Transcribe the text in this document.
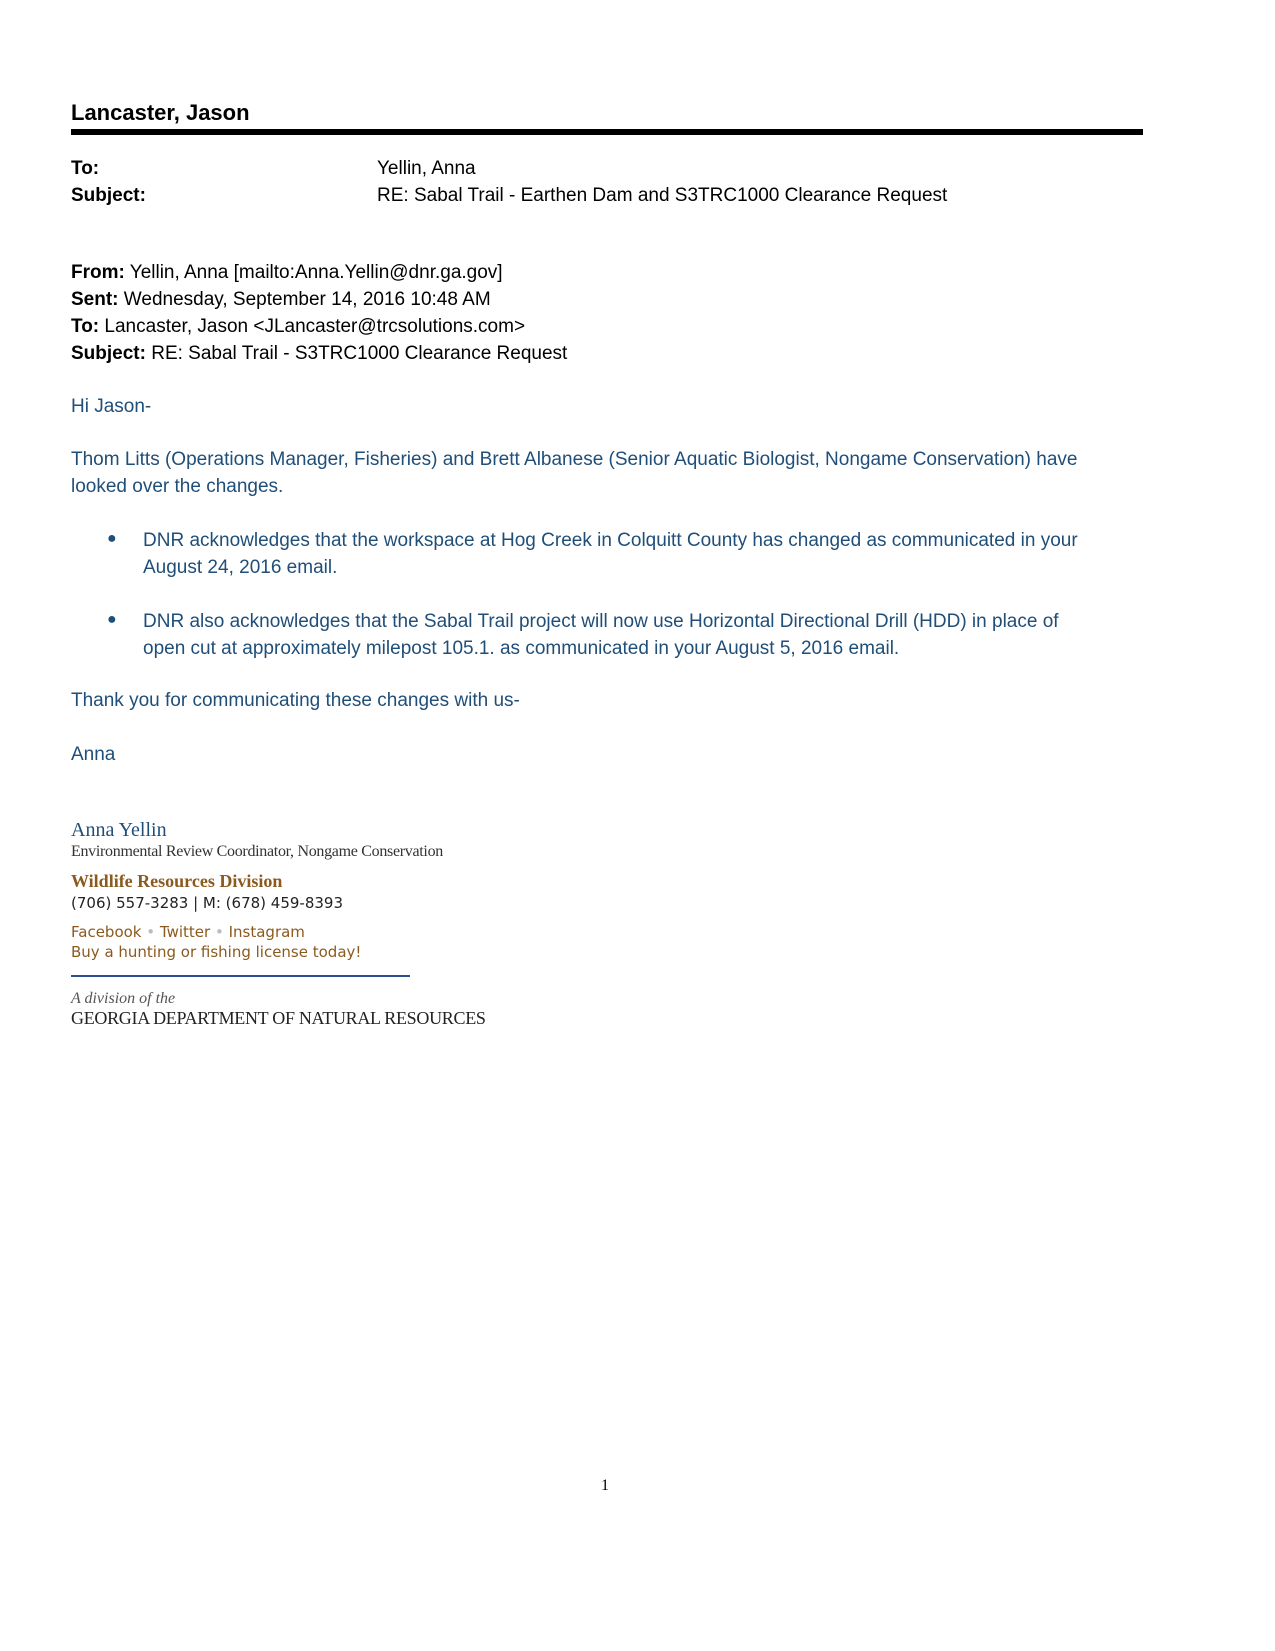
Lancaster, Jason
To:	Yellin, Anna
Subject:	RE: Sabal Trail - Earthen Dam and S3TRC1000 Clearance Request
From: Yellin, Anna [mailto:Anna.Yellin@dnr.ga.gov]
Sent: Wednesday, September 14, 2016 10:48 AM
To: Lancaster, Jason <JLancaster@trcsolutions.com>
Subject: RE: Sabal Trail - S3TRC1000 Clearance Request
Hi Jason-
Thom Litts (Operations Manager, Fisheries) and Brett Albanese (Senior Aquatic Biologist, Nongame Conservation) have
looked over the changes.
● DNR acknowledges that the workspace at Hog Creek in Colquitt County has changed as communicated in your
August 24, 2016 email.
● DNR also acknowledges that the Sabal Trail project will now use Horizontal Directional Drill (HDD) in place of
open cut at approximately milepost 105.1. as communicated in your August 5, 2016 email.
Thank you for communicating these changes with us-
Anna
Anna Yellin
Environmental Review Coordinator, Nongame Conservation
Wildlife Resources Division
(706) 557-3283 | M: (678) 459-8393
Facebook • Twitter • Instagram
Buy a hunting or fishing license today!
A division of the
GEORGIA DEPARTMENT OF NATURAL RESOURCES
1
